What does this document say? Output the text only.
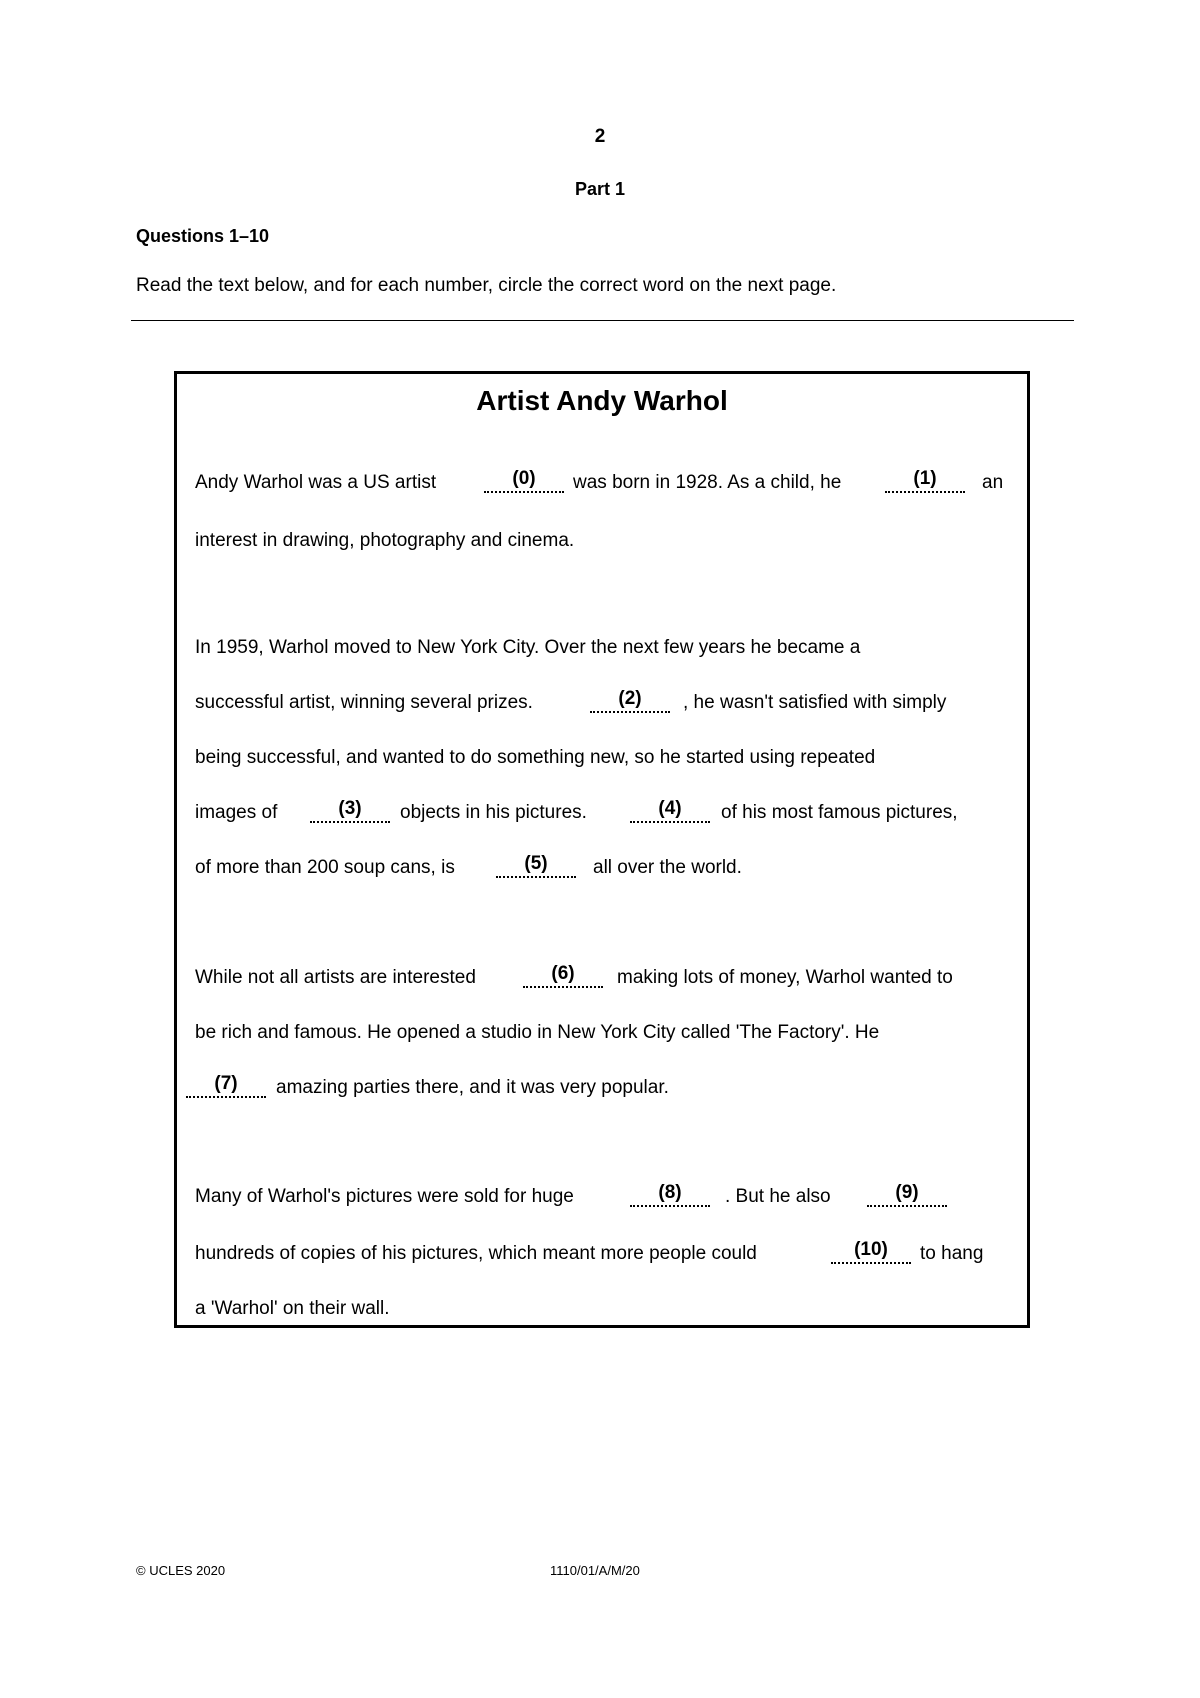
2
Part 1
Questions 1–10
Read the text below, and for each number, circle the correct word on the next page.
Artist Andy Warhol
Andy Warhol was a US artist	(0)	was born in 1928. As a child, he	(1)	an
interest in drawing, photography and cinema.
In 1959, Warhol moved to New York City. Over the next few years he became a
successful artist, winning several prizes.	(2)	, he wasn't satisfied with simply
being successful, and wanted to do something new, so he started using repeated
images of	(3)	objects in his pictures.	(4)	of his most famous pictures,
of more than 200 soup cans, is	(5)	all over the world.
While not all artists are interested	(6)	making lots of money, Warhol wanted to
be rich and famous. He opened a studio in New York City called 'The Factory'. He
(7)	amazing parties there, and it was very popular.
Many of Warhol's pictures were sold for huge	(8)	. But he also	(9)
hundreds of copies of his pictures, which meant more people could	(10)	to hang
a 'Warhol' on their wall.
© UCLES 2020	1110/01/A/M/20
